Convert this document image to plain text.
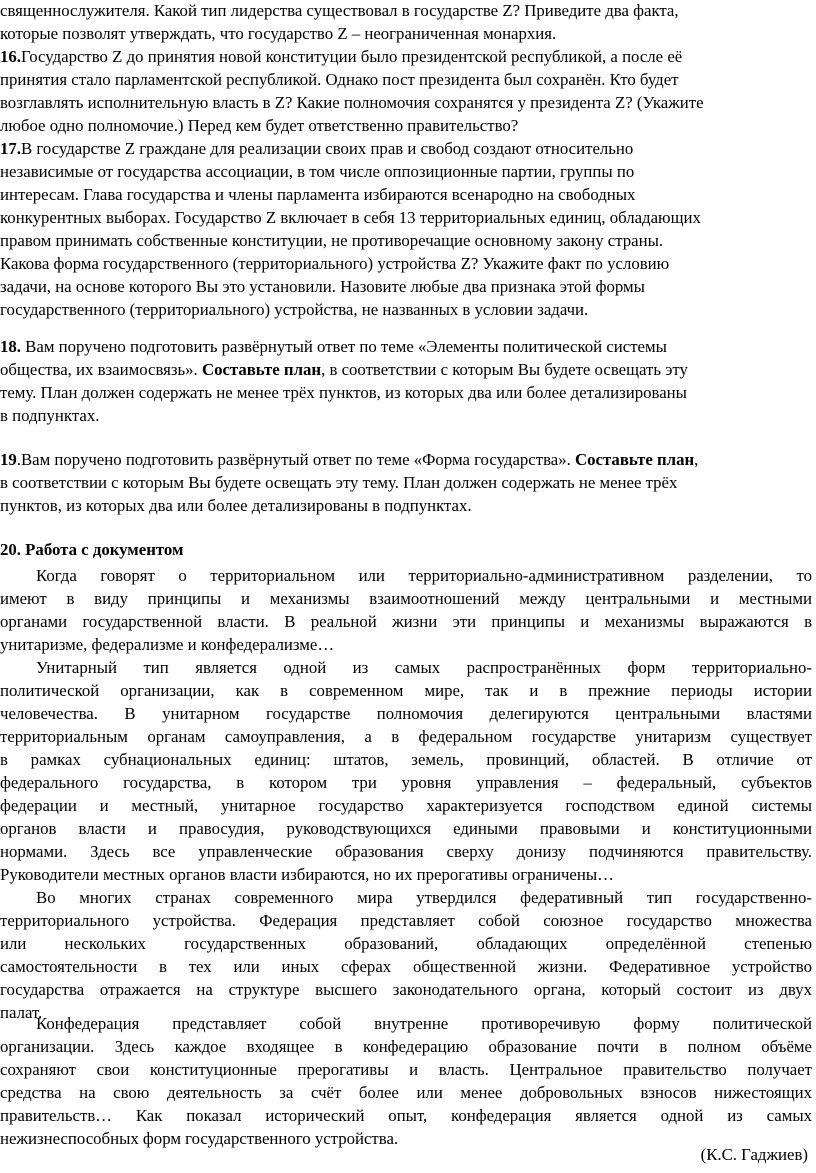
священнослужителя. Какой тип лидерства существовал в государстве Z? Приведите два факта,
которые позволят утверждать, что государство Z – неограниченная монархия.
16.Государство Z до принятия новой конституции было президентской республикой, а после её
принятия стало парламентской республикой. Однако пост президента был сохранён. Кто будет
возглавлять исполнительную власть в Z? Какие полномочия сохранятся у президента Z? (Укажите
любое одно полномочие.) Перед кем будет ответственно правительство?
17.В государстве Z граждане для реализации своих прав и свобод создают относительно
независимые от государства ассоциации, в том числе оппозиционные партии, группы по
интересам. Глава государства и члены парламента избираются всенародно на свободных
конкурентных выборах. Государство Z включает в себя 13 территориальных единиц, обладающих
правом принимать собственные конституции, не противоречащие основному закону страны.
Какова форма государственного (территориального) устройства Z? Укажите факт по условию
задачи, на основе которого Вы это установили. Назовите любые два признака этой формы
государственного (территориального) устройства, не названных в условии задачи.
18. Вам поручено подготовить развёрнутый ответ по теме «Элементы политической системы
общества, их взаимосвязь». Составьте план, в соответствии с которым Вы будете освещать эту
тему. План должен содержать не менее трёх пунктов, из которых два или более детализированы
в подпунктах.
19.Вам поручено подготовить развёрнутый ответ по теме «Форма государства». Составьте план,
в соответствии с которым Вы будете освещать эту тему. План должен содержать не менее трёх
пунктов, из которых два или более детализированы в подпунктах.
20. Работа с документом
Когда говорят о территориальном или территориально-административном разделении, то
имеют в виду принципы и механизмы взаимоотношений между центральными и местными
органами государственной власти. В реальной жизни эти принципы и механизмы выражаются в
унитаризме, федерализме и конфедерализме…
Унитарный тип является одной из самых распространённых форм территориально-
политической организации, как в современном мире, так и в прежние периоды истории
человечества. В унитарном государстве полномочия делегируются центральными властями
территориальным органам самоуправления, а в федеральном государстве унитаризм существует
в рамках субнациональных единиц: штатов, земель, провинций, областей. В отличие от
федерального государства, в котором три уровня управления – федеральный, субъектов
федерации и местный, унитарное государство характеризуется господством единой системы
органов власти и правосудия, руководствующихся едиными правовыми и конституционными
нормами. Здесь все управленческие образования сверху донизу подчиняются правительству.
Руководители местных органов власти избираются, но их прерогативы ограничены…
Во многих странах современного мира утвердился федеративный тип государственно-
территориального устройства. Федерация представляет собой союзное государство множества
или нескольких государственных образований, обладающих определённой степенью
самостоятельности в тех или иных сферах общественной жизни. Федеративное устройство
государства отражается на структуре высшего законодательного органа, который состоит из двух
палат.
Конфедерация представляет собой внутренне противоречивую форму политической
организации. Здесь каждое входящее в конфедерацию образование почти в полном объёме
сохраняют свои конституционные прерогативы и власть. Центральное правительство получает
средства на свою деятельность за счёт более или менее добровольных взносов нижестоящих
правительств… Как показал исторический опыт, конфедерация является одной из самых
нежизнеспособных форм государственного устройства.
(К.С. Гаджиев)
